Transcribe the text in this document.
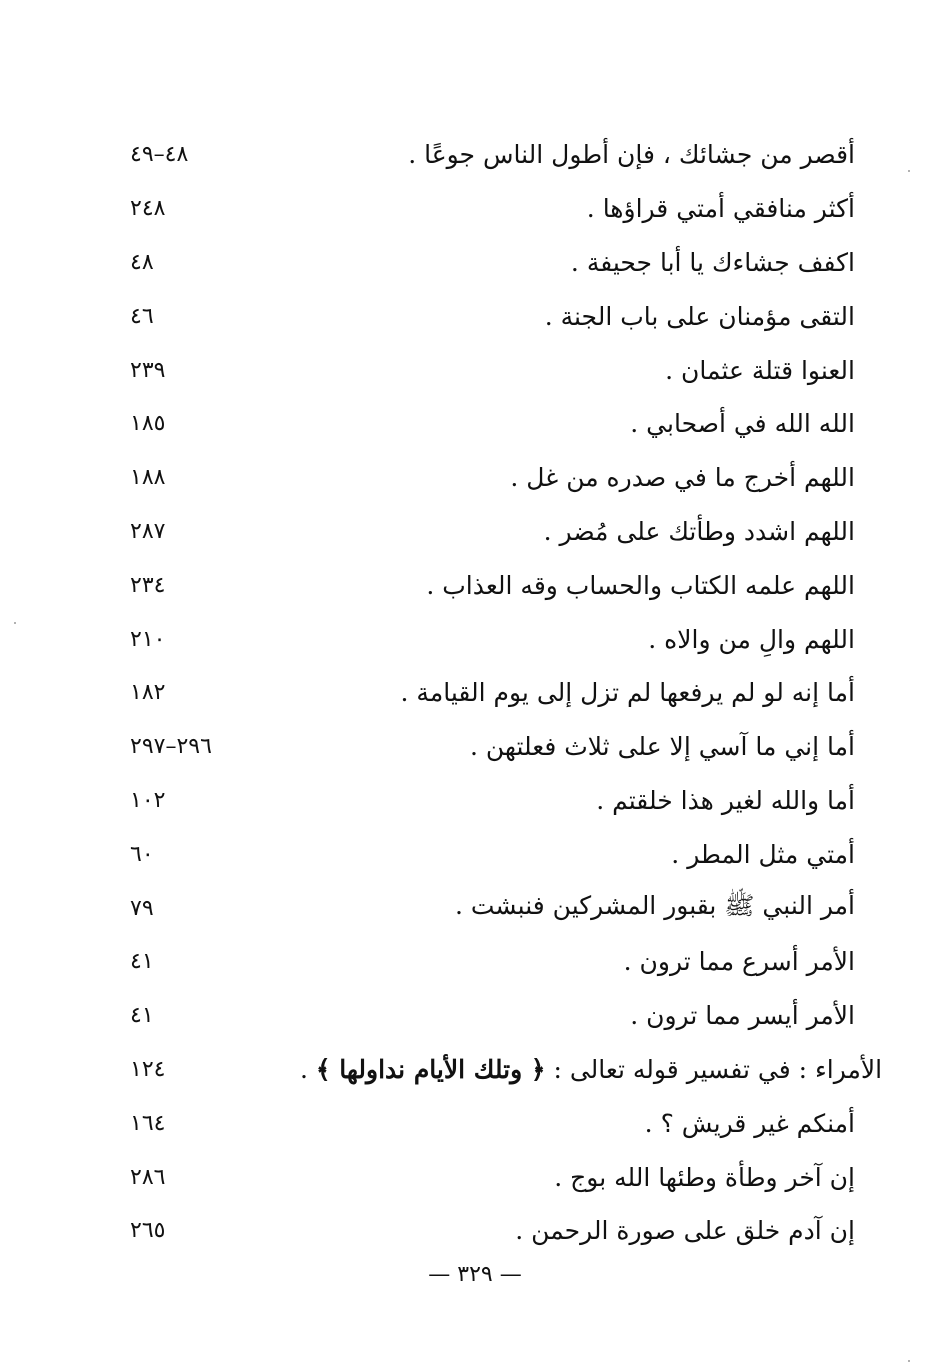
أقصر من جشائك ، فإن أطول الناس جوعًا .
٤٨–٤٩
أكثر منافقي أمتي قراؤها .
٢٤٨
اكفف جشاءك يا أبا جحيفة .
٤٨
التقى مؤمنان على باب الجنة .
٤٦
العنوا قتلة عثمان .
٢٣٩
الله الله في أصحابي .
١٨٥
اللهم أخرج ما في صدره من غل .
١٨٨
اللهم اشدد وطأتك على مُضر .
٢٨٧
اللهم علمه الكتاب والحساب وقه العذاب .
٢٣٤
اللهم والِ من والاه .
٢١٠
أما إنه لو لم يرفعها لم تزل إلى يوم القيامة .
١٨٢
أما إني ما آسي إلا على ثلاث فعلتهن .
٢٩٦–٢٩٧
أما والله لغير هذا خلقتم .
١٠٢
أمتي مثل المطر .
٦٠
أمر النبي ﷺ بقبور المشركين فنبشت .
٧٩
الأمر أسرع مما ترون .
٤١
الأمر أيسر مما ترون .
٤١
الأمراء : في تفسير قوله تعالى : ﴿ وتلك الأيام نداولها ﴾ .
١٢٤
أمنكم غير قريش ؟ .
١٦٤
إن آخر وطأة وطئها الله بوج .
٢٨٦
إن آدم خلق على صورة الرحمن .
٢٦٥
— ٣٢٩ —
